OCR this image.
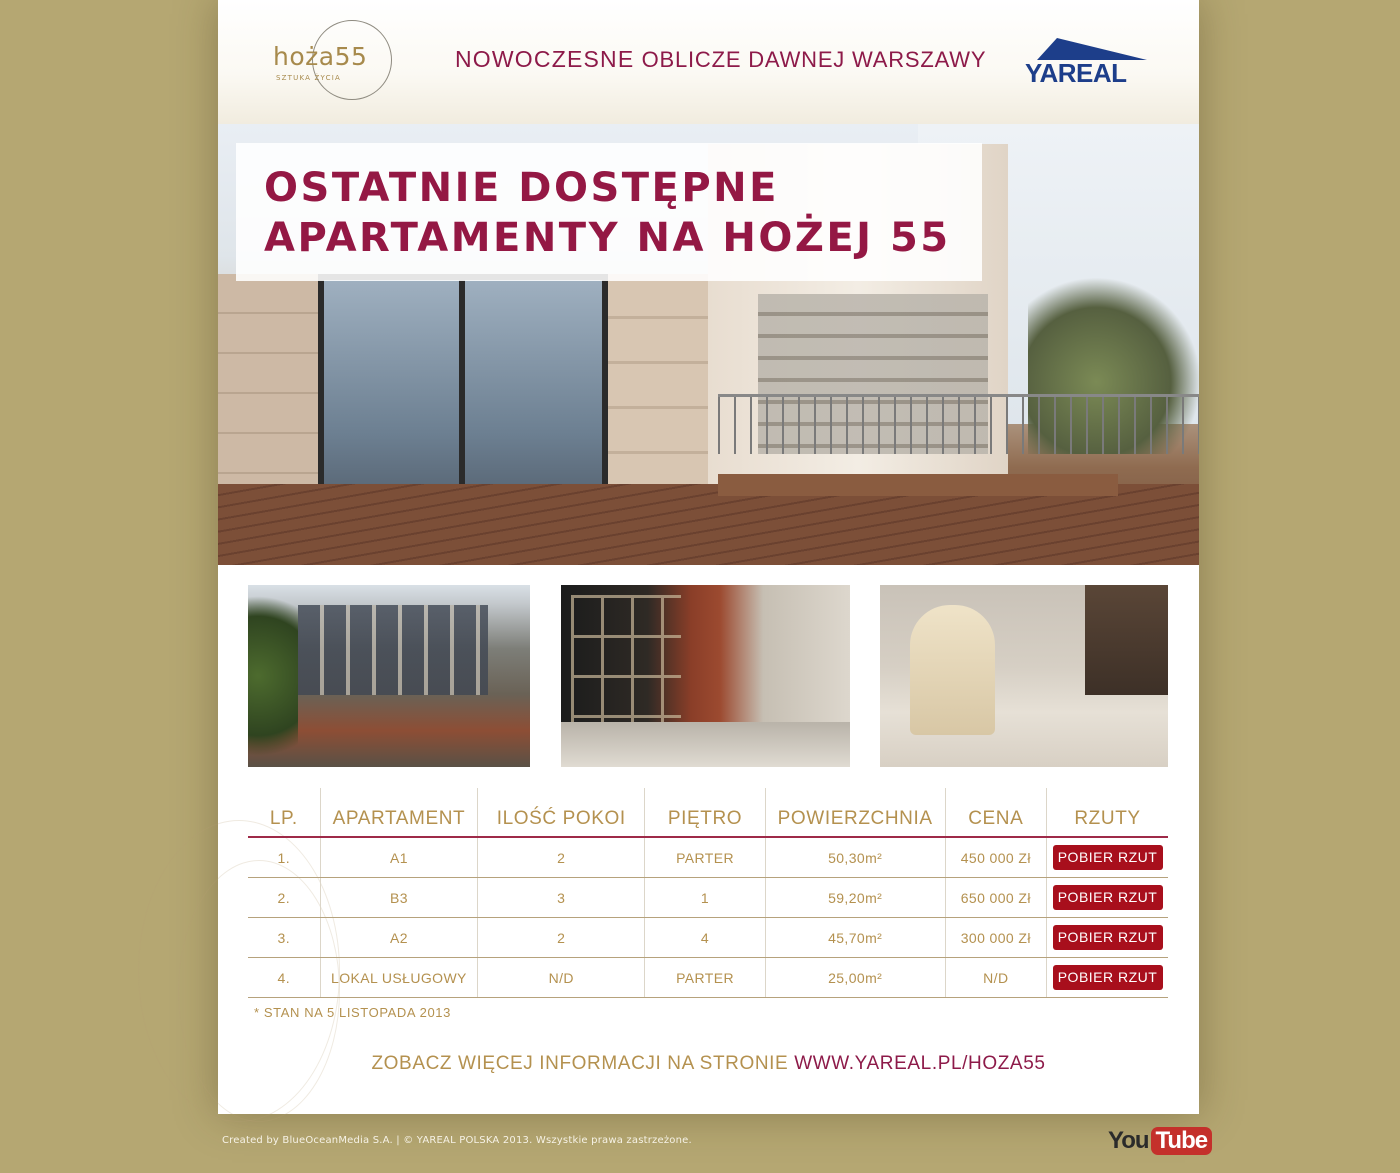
hoża55
SZTUKA ŻYCIA
NOWOCZESNE OBLICZE DAWNEJ WARSZAWY YAREAL
OSTATNIE DOSTĘPNE
APARTAMENTY NA HOŻEJ 55
LP.	APARTAMENT	ILOŚĆ POKOI	PIĘTRO	POWIERZCHNIA	CENA	RZUTY
1.	A1	2	PARTER	50,30m²	450 000 Zł	POBIER RZUT
2.	B3	3	1	59,20m²	650 000 Zł	POBIER RZUT
3.	A2	2	4	45,70m²	300 000 Zł	POBIER RZUT
4.	LOKAL USŁUGOWY	N/D	PARTER	25,00m²	N/D	POBIER RZUT
* STAN NA 5 LISTOPADA 2013
ZOBACZ WIĘCEJ INFORMACJI NA STRONIE WWW.YAREAL.PL/HOZA55
Created by BlueOceanMedia S.A. | © YAREAL POLSKA 2013. Wszystkie prawa zastrzeżone.	You Tube
